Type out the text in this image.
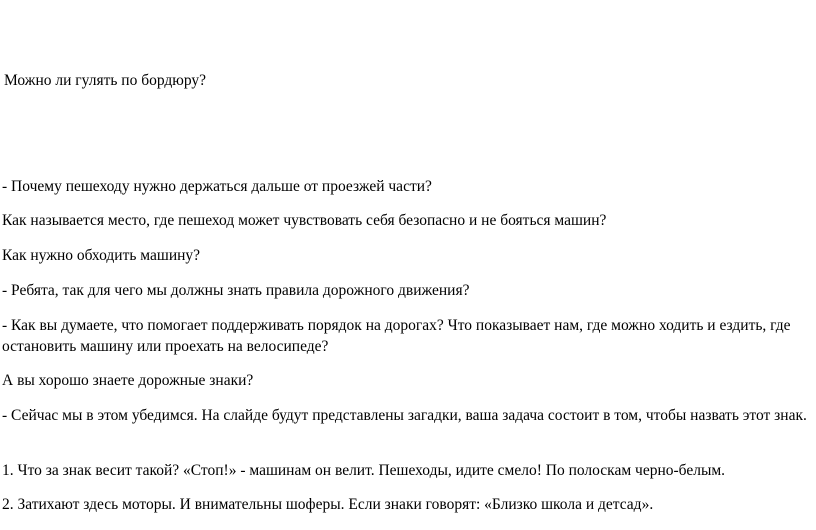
Можно ли гулять по бордюру?

- Почему пешеходу нужно держаться дальше от проезжей части?

Как называется место, где пешеход может чувствовать себя безопасно и не бояться машин?

Как нужно обходить машину?

- Ребята, так для чего мы должны знать правила дорожного движения?

- Как вы думаете, что помогает поддерживать порядок на дорогах? Что показывает нам, где можно ходить и ездить, где остановить машину или проехать на велосипеде?

А вы хорошо знаете дорожные знаки?

- Сейчас мы в этом убедимся. На слайде будут представлены загадки, ваша задача состоит в том, чтобы назвать этот знак.

1. Что за знак весит такой? «Стоп!» - машинам он велит. Пешеходы, идите смело! По полоскам черно-белым.

2. Затихают здесь моторы. И внимательны шоферы. Если знаки говорят: «Близко школа и детсад».
